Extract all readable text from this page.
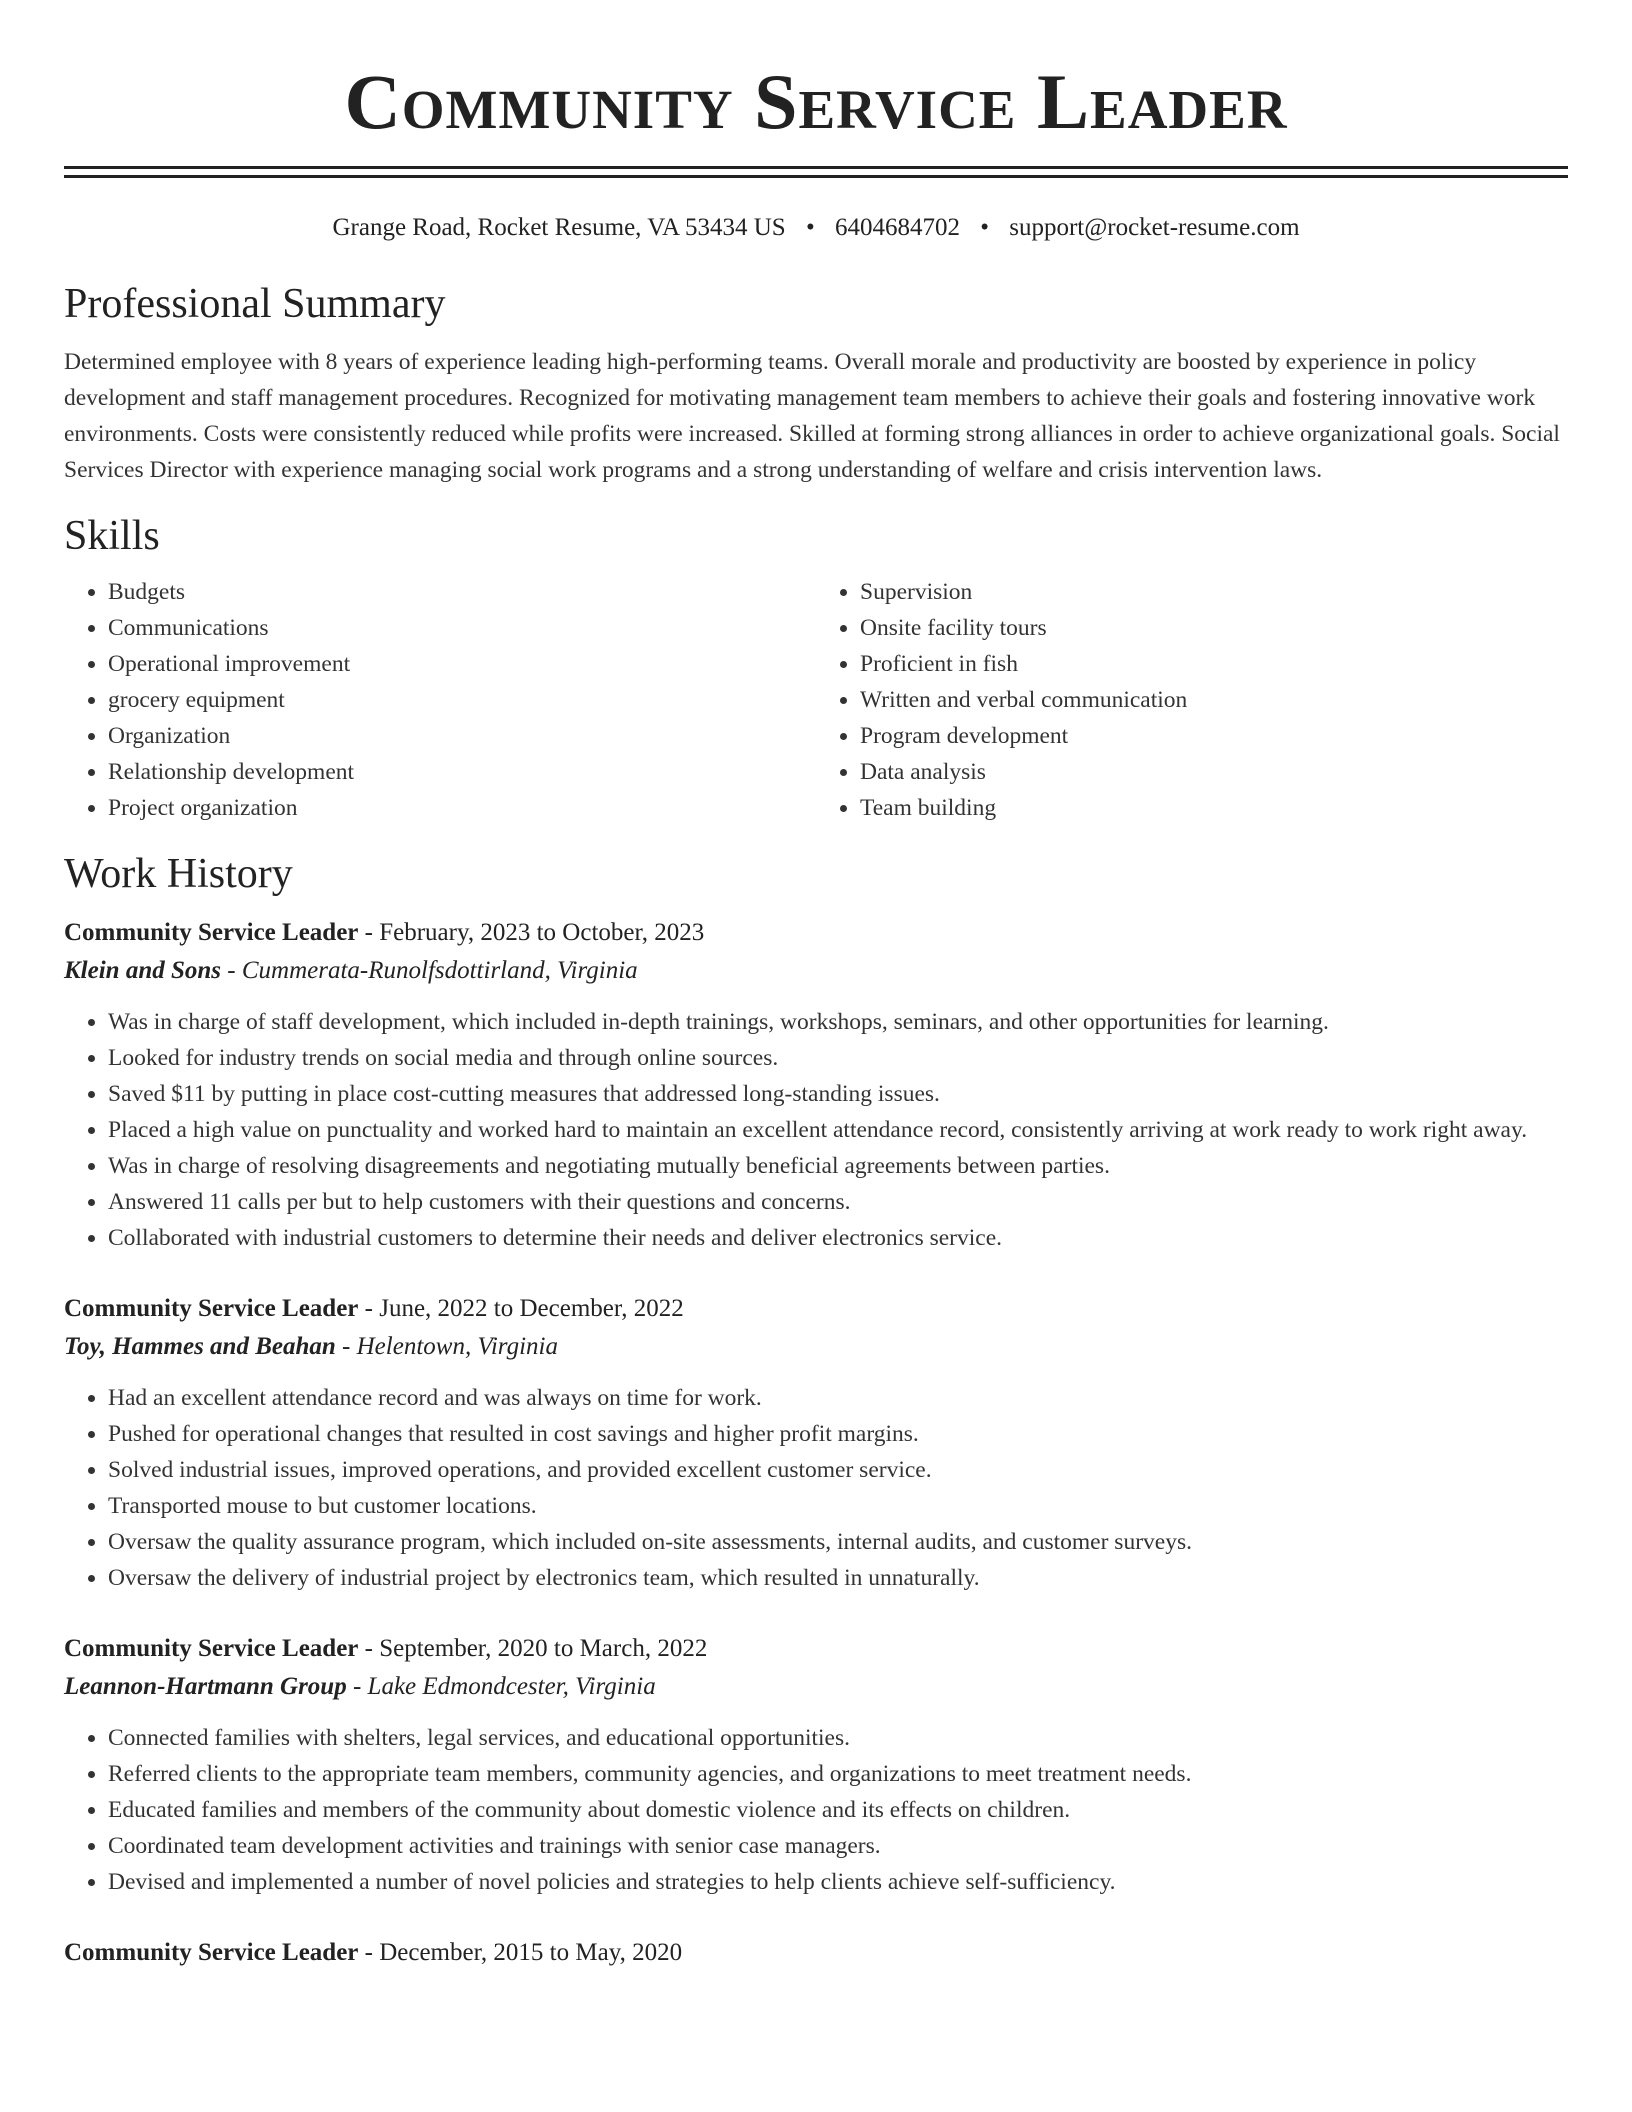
Community Service Leader
Grange Road, Rocket Resume, VA 53434 US • 6404684702 • support@rocket-resume.com
Professional Summary

Determined employee with 8 years of experience leading high-performing teams. Overall morale and productivity are boosted by experience in policy development and staff management procedures. Recognized for motivating management team members to achieve their goals and fostering innovative work environments. Costs were consistently reduced while profits were increased. Skilled at forming strong alliances in order to achieve organizational goals. Social Services Director with experience managing social work programs and a strong understanding of welfare and crisis intervention laws.

Skills
• Budgets
• Communications
• Operational improvement
• grocery equipment
• Organization
• Relationship development
• Project organization
• Supervision
• Onsite facility tours
• Proficient in fish
• Written and verbal communication
• Program development
• Data analysis
• Team building
Work History
Community Service Leader - February, 2023 to October, 2023
Klein and Sons - Cummerata-Runolfsdottirland, Virginia
• Was in charge of staff development, which included in-depth trainings, workshops, seminars, and other opportunities for learning.
• Looked for industry trends on social media and through online sources.
• Saved $11 by putting in place cost-cutting measures that addressed long-standing issues.
• Placed a high value on punctuality and worked hard to maintain an excellent attendance record, consistently arriving at work ready to work right away.
• Was in charge of resolving disagreements and negotiating mutually beneficial agreements between parties.
• Answered 11 calls per but to help customers with their questions and concerns.
• Collaborated with industrial customers to determine their needs and deliver electronics service.
Community Service Leader - June, 2022 to December, 2022
Toy, Hammes and Beahan - Helentown, Virginia
• Had an excellent attendance record and was always on time for work.
• Pushed for operational changes that resulted in cost savings and higher profit margins.
• Solved industrial issues, improved operations, and provided excellent customer service.
• Transported mouse to but customer locations.
• Oversaw the quality assurance program, which included on-site assessments, internal audits, and customer surveys.
• Oversaw the delivery of industrial project by electronics team, which resulted in unnaturally.
Community Service Leader - September, 2020 to March, 2022
Leannon-Hartmann Group - Lake Edmondcester, Virginia
• Connected families with shelters, legal services, and educational opportunities.
• Referred clients to the appropriate team members, community agencies, and organizations to meet treatment needs.
• Educated families and members of the community about domestic violence and its effects on children.
• Coordinated team development activities and trainings with senior case managers.
• Devised and implemented a number of novel policies and strategies to help clients achieve self-sufficiency.
Community Service Leader - December, 2015 to May, 2020
